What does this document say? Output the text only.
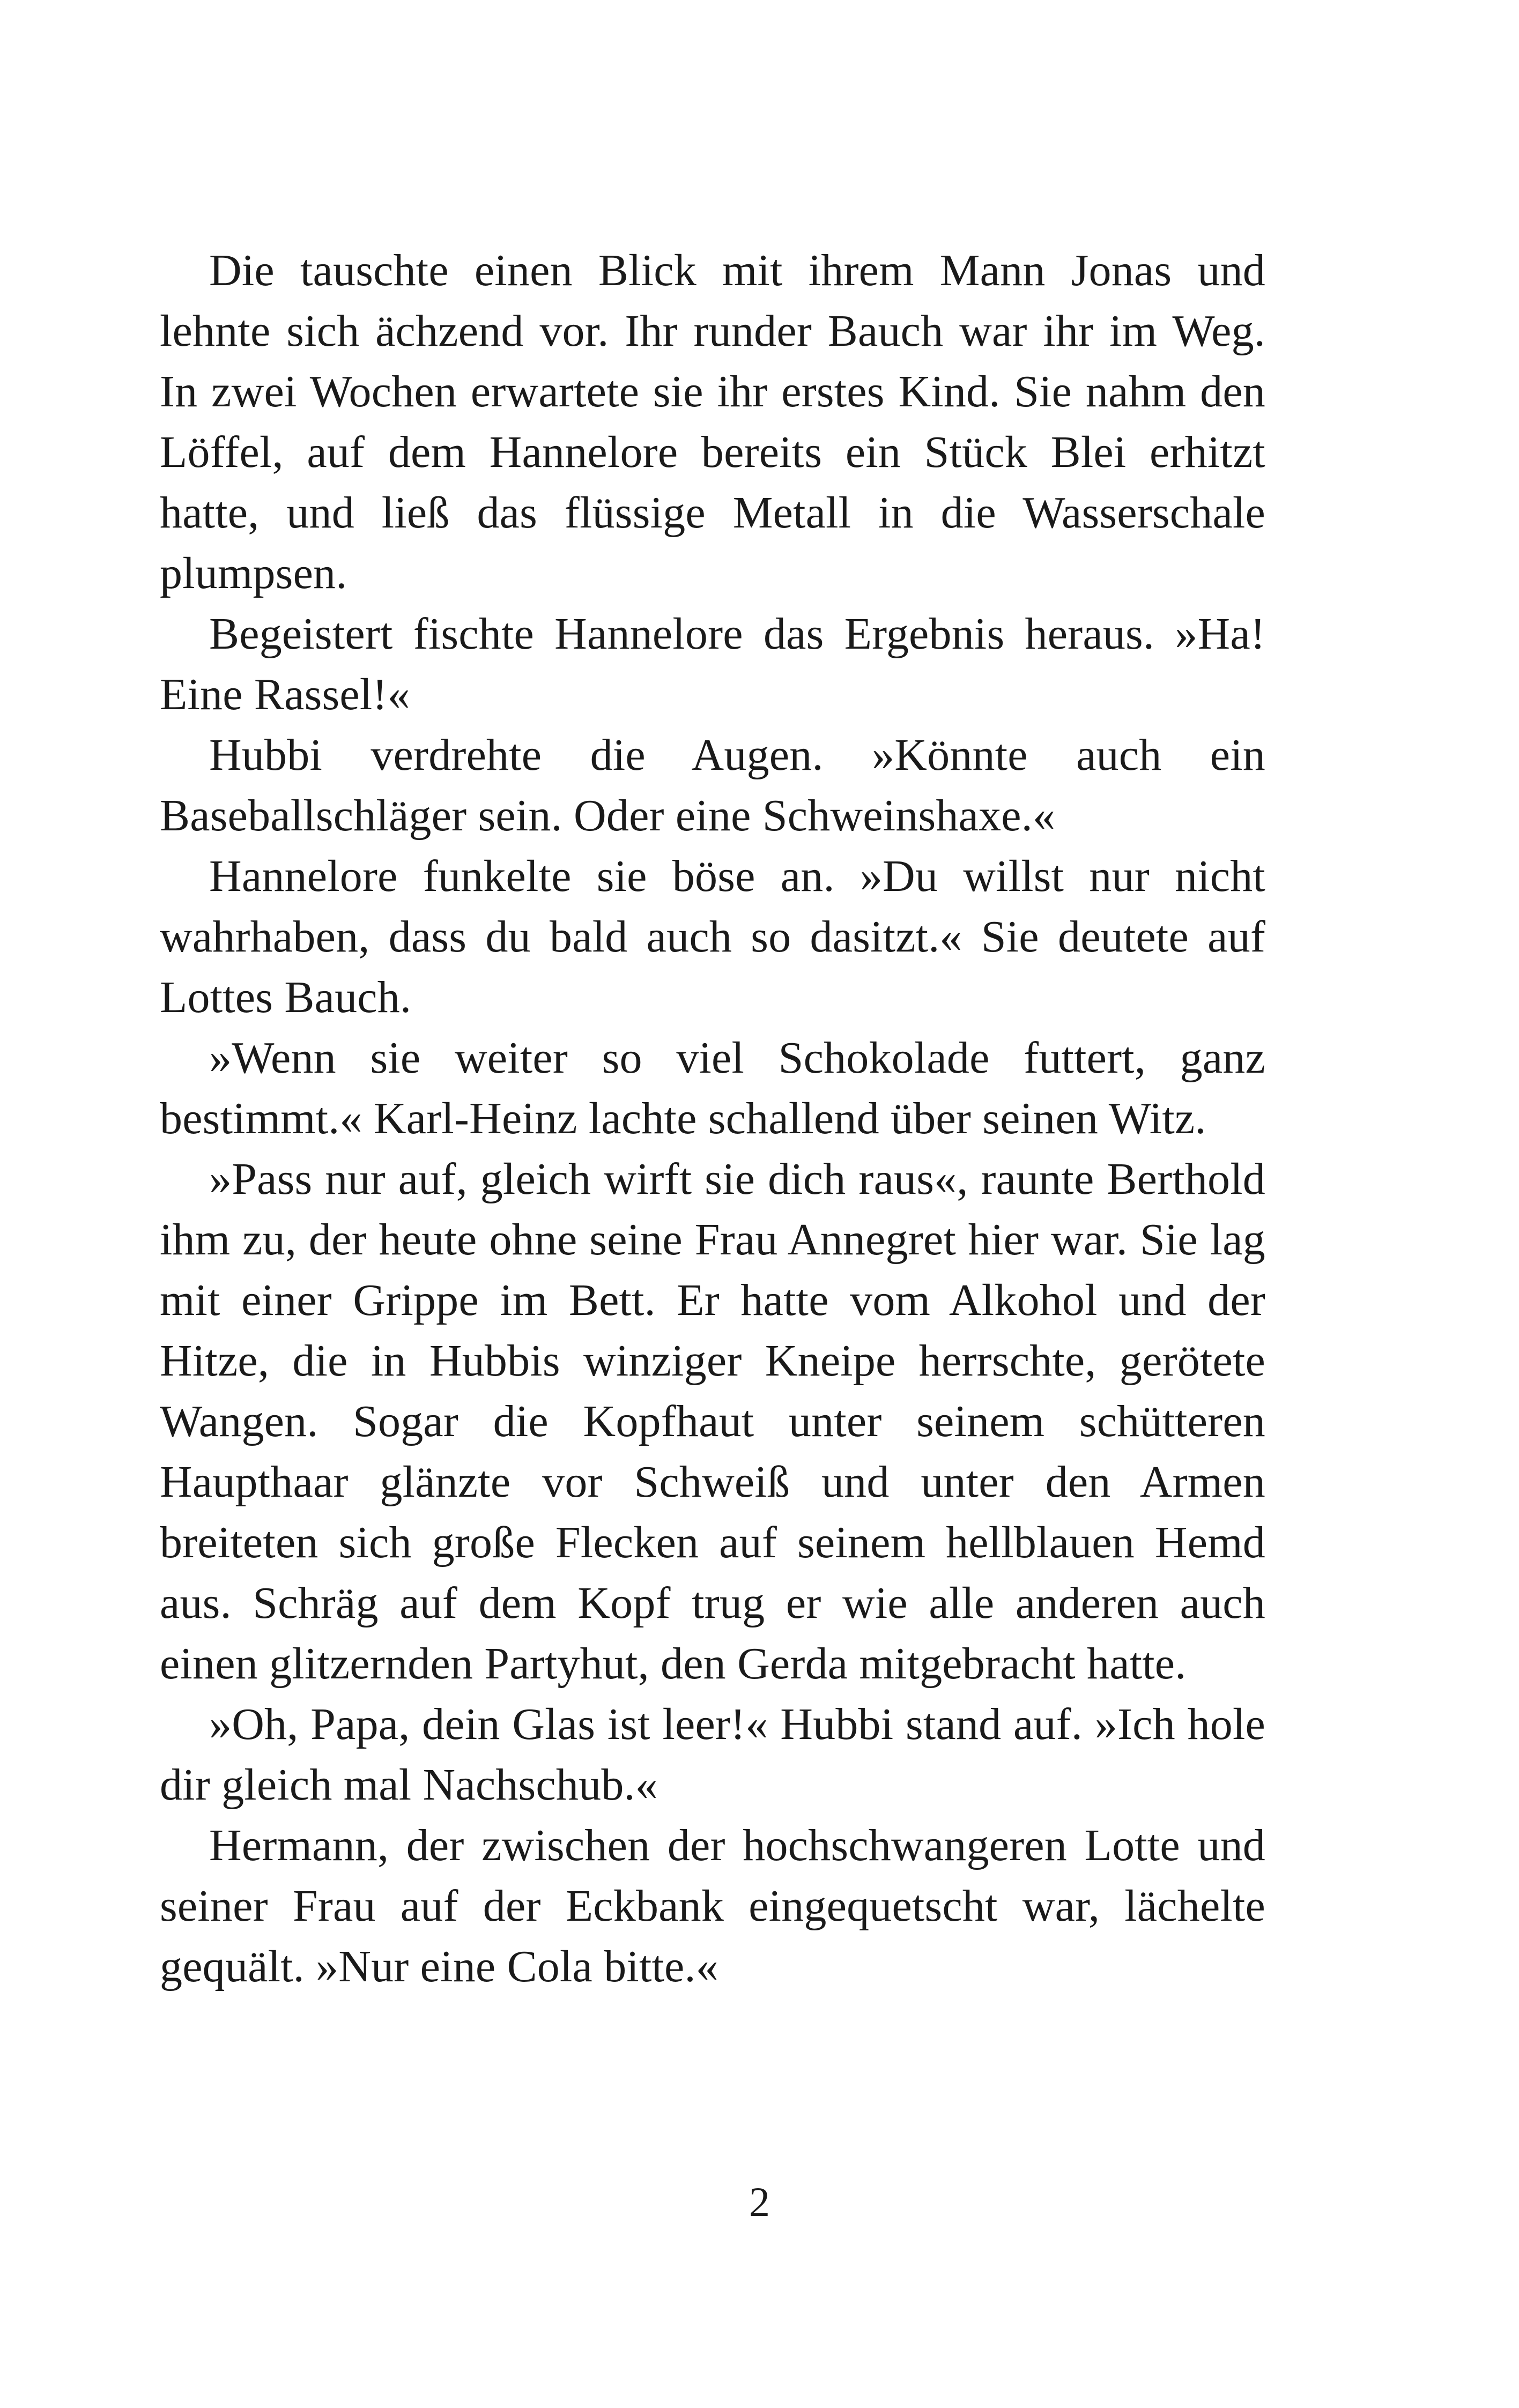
Die tauschte einen Blick mit ihrem Mann Jonas und lehnte sich ächzend vor. Ihr runder Bauch war ihr im Weg. In zwei Wochen erwartete sie ihr erstes Kind. Sie nahm den Löffel, auf dem Hannelore bereits ein Stück Blei erhitzt hatte, und ließ das flüssige Metall in die Wasserschale plumpsen.

Begeistert fischte Hannelore das Ergebnis heraus. »Ha! Eine Rassel!«

Hubbi verdrehte die Augen. »Könnte auch ein Baseballschläger sein. Oder eine Schweinshaxe.«

Hannelore funkelte sie böse an. »Du willst nur nicht wahrhaben, dass du bald auch so dasitzt.« Sie deutete auf Lottes Bauch.

»Wenn sie weiter so viel Schokolade futtert, ganz bestimmt.« Karl-Heinz lachte schallend über seinen Witz.

»Pass nur auf, gleich wirft sie dich raus«, raunte Berthold ihm zu, der heute ohne seine Frau Annegret hier war. Sie lag mit einer Grippe im Bett. Er hatte vom Alkohol und der Hitze, die in Hubbis winziger Kneipe herrschte, gerötete Wangen. Sogar die Kopfhaut unter seinem schütteren Haupthaar glänzte vor Schweiß und unter den Armen breiteten sich große Flecken auf seinem hellblauen Hemd aus. Schräg auf dem Kopf trug er wie alle anderen auch einen glitzernden Partyhut, den Gerda mitgebracht hatte.

»Oh, Papa, dein Glas ist leer!« Hubbi stand auf. »Ich hole dir gleich mal Nachschub.«

Hermann, der zwischen der hochschwangeren Lotte und seiner Frau auf der Eckbank eingequetscht war, lächelte gequält. »Nur eine Cola bitte.«

2
